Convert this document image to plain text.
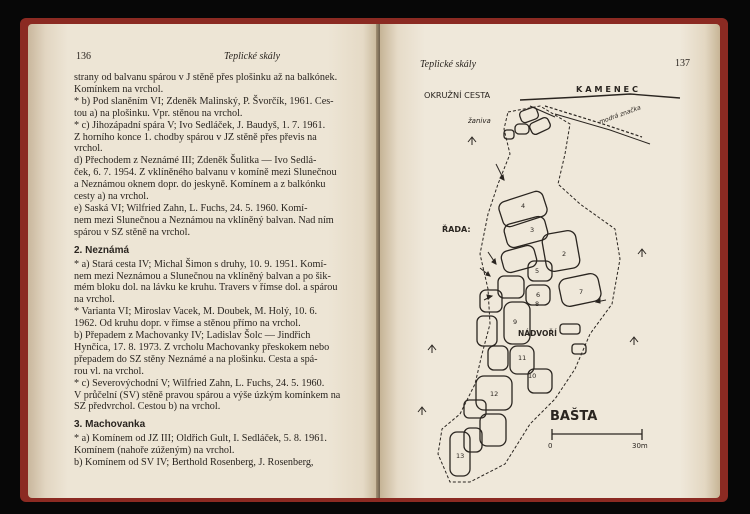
136	Teplické skály

strany od balvanu spárou v J stěně přes plošinku až na balkónek.

Komínkem na vrchol.

* b) Pod slaněním VI; Zdeněk Malinský, P. Švorčík, 1961. Ces-

tou a) na plošinku. Vpr. stěnou na vrchol.

* c) Jihozápadní spára V; Ivo Sedláček, J. Baudyš, 1. 7. 1961.

Z horního konce 1. chodby spárou v JZ stěně přes převis na

vrchol.

d) Přechodem z Neznámé III; Zdeněk Šulitka — Ivo Sedlá-

ček, 6. 7. 1954. Z vklíněného balvanu v komíně mezi Slunečnou

a Neznámou oknem dopr. do jeskyně. Komínem a z balkónku

cesty a) na vrchol.

e) Saská VI; Wilfried Zahn, L. Fuchs, 24. 5. 1960. Komí-

nem mezi Slunečnou a Neznámou na vklíněný balvan. Nad ním

spárou v SZ stěně na vrchol.

2. Neznámá

* a) Stará cesta IV; Michal Šimon s druhy, 10. 9. 1951. Komí-

nem mezi Neznámou a Slunečnou na vklíněný balvan a po šik-

mém bloku dol. na lávku ke kruhu. Travers v římse dol. a spárou

na vrchol.

* Varianta VI; Miroslav Vacek, M. Doubek, M. Holý, 10. 6.

1962. Od kruhu dopr. v římse a stěnou přímo na vrchol.

b) Přepadem z Machovanky IV; Ladislav Šolc — Jindřich

Hynčica, 17. 8. 1973. Z vrcholu Machovanky přeskokem nebo

přepadem do SZ stěny Neznámé a na plošinku. Cesta a spá-

rou vl. na vrchol.

* c) Severovýchodní V; Wilfried Zahn, L. Fuchs, 24. 5. 1960.

V průčelní (SV) stěně pravou spárou a výše úzkým komínkem na

SZ předvrchol. Cestou b) na vrchol.

3. Machovanka

* a) Komínem od JZ III; Oldřich Gult, I. Sedláček, 5. 8. 1961.

Komínem (nahoře zúženým) na vrchol.

b) Komínem od SV IV; Berthold Rosenberg, J. Rosenberg,

Teplické skály	137
OKRUŽNÍ CESTA
K A M E N E C
modrá značka
žaniva
ŘADA:
NÁDVOŘÍ
BAŠTA
4
3
2
5
6	7
9
8
10
11
12
13
0	30m
